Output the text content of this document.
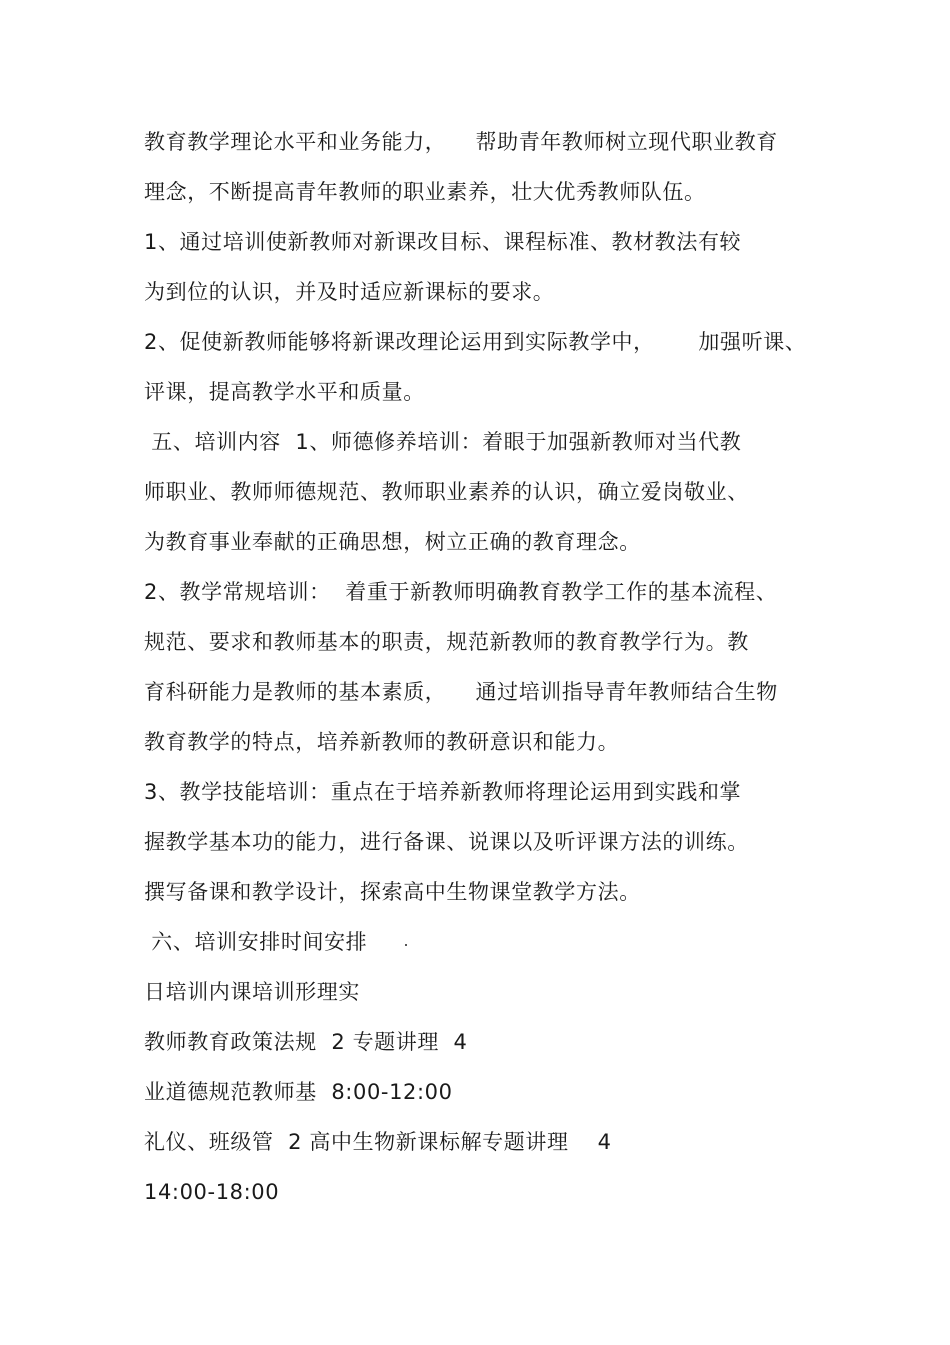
教育教学理论水平和业务能力，    帮助青年教师树立现代职业教育
理念，不断提高青年教师的职业素养，壮大优秀教师队伍。
1、通过培训使新教师对新课改目标、课程标准、教材教法有较
为到位的认识，并及时适应新课标的要求。
2、促使新教师能够将新课改理论运用到实际教学中，      加强听课、
评课，提高教学水平和质量。
五、培训内容  1、师德修养培训：着眼于加强新教师对当代教
师职业、教师师德规范、教师职业素养的认识，确立爱岗敬业、
为教育事业奉献的正确思想，树立正确的教育理念。
2、教学常规培训：  着重于新教师明确教育教学工作的基本流程、
规范、要求和教师基本的职责，规范新教师的教育教学行为。教
育科研能力是教师的基本素质，    通过培训指导青年教师结合生物
教育教学的特点，培养新教师的教研意识和能力。
3、教学技能培训：重点在于培养新教师将理论运用到实践和掌
握教学基本功的能力，进行备课、说课以及听评课方法的训练。
撰写备课和教学设计，探索高中生物课堂教学方法。
六、培训安排时间安排
日培训内课培训形理实
教师教育政策法规  2 专题讲理  4
业道德规范教师基  8:00-12:00
礼仪、班级管  2 高中生物新课标解专题讲理    4
14:00-18:00
